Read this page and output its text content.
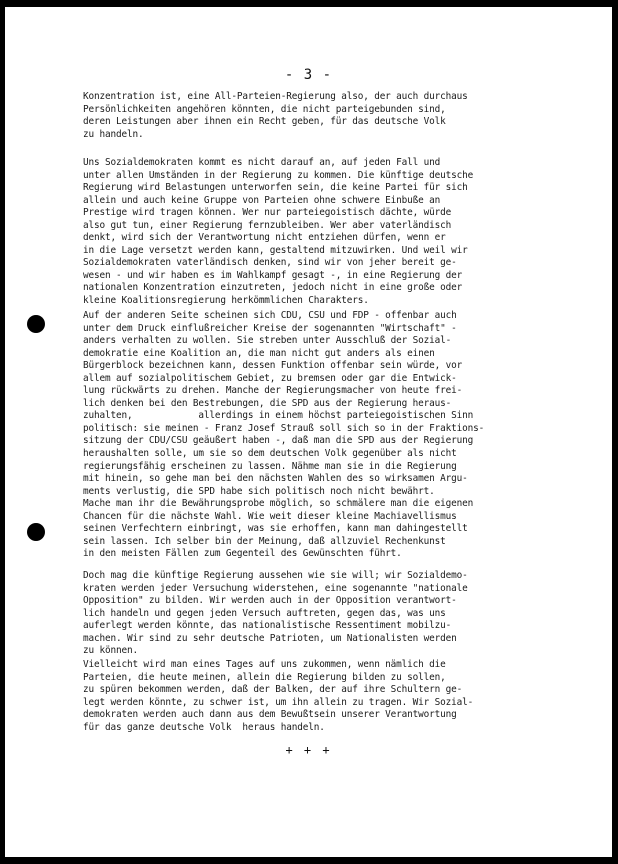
- 3 -

Konzentration ist, eine All-Parteien-Regierung also, der auch durchaus
Persönlichkeiten angehören könnten, die nicht parteigebunden sind,
deren Leistungen aber ihnen ein Recht geben, für das deutsche Volk
zu handeln.

Uns Sozialdemokraten kommt es nicht darauf an, auf jeden Fall und
unter allen Umständen in der Regierung zu kommen. Die künftige deutsche
Regierung wird Belastungen unterworfen sein, die keine Partei für sich
allein und auch keine Gruppe von Parteien ohne schwere Einbuße an
Prestige wird tragen können. Wer nur parteiegoistisch dächte, würde
also gut tun, einer Regierung fernzubleiben. Wer aber vaterländisch
denkt, wird sich der Verantwortung nicht entziehen dürfen, wenn er
in die Lage versetzt werden kann, gestaltend mitzuwirken. Und weil wir
Sozialdemokraten vaterländisch denken, sind wir von jeher bereit ge-
wesen - und wir haben es im Wahlkampf gesagt -, in eine Regierung der
nationalen Konzentration einzutreten, jedoch nicht in eine große oder
kleine Koalitionsregierung herkömmlichen Charakters.

Auf der anderen Seite scheinen sich CDU, CSU und FDP - offenbar auch
unter dem Druck einflußreicher Kreise der sogenannten "Wirtschaft" -
anders verhalten zu wollen. Sie streben unter Ausschluß der Sozial-
demokratie eine Koalition an, die man nicht gut anders als einen
Bürgerblock bezeichnen kann, dessen Funktion offenbar sein würde, vor
allem auf sozialpolitischem Gebiet, zu bremsen oder gar die Entwick-
lung rückwärts zu drehen. Manche der Regierungsmacher von heute frei-
lich denken bei den Bestrebungen, die SPD aus der Regierung heraus-
zuhalten,            allerdings in einem höchst parteiegoistischen Sinn
politisch: sie meinen - Franz Josef Strauß soll sich so in der Fraktions-
sitzung der CDU/CSU geäußert haben -, daß man die SPD aus der Regierung
heraushalten solle, um sie so dem deutschen Volk gegenüber als nicht
regierungsfähig erscheinen zu lassen. Nähme man sie in die Regierung
mit hinein, so gehe man bei den nächsten Wahlen des so wirksamen Argu-
ments verlustig, die SPD habe sich politisch noch nicht bewährt.
Mache man ihr die Bewährungsprobe möglich, so schmälere man die eigenen
Chancen für die nächste Wahl. Wie weit dieser kleine Machiavellismus
seinen Verfechtern einbringt, was sie erhoffen, kann man dahingestellt
sein lassen. Ich selber bin der Meinung, daß allzuviel Rechenkunst
in den meisten Fällen zum Gegenteil des Gewünschten führt.

Doch mag die künftige Regierung aussehen wie sie will; wir Sozialdemo-
kraten werden jeder Versuchung widerstehen, eine sogenannte "nationale
Opposition" zu bilden. Wir werden auch in der Opposition verantwort-
lich handeln und gegen jeden Versuch auftreten, gegen das, was uns
auferlegt werden könnte, das nationalistische Ressentiment mobilzu-
machen. Wir sind zu sehr deutsche Patrioten, um Nationalisten werden
zu können.

Vielleicht wird man eines Tages auf uns zukommen, wenn nämlich die
Parteien, die heute meinen, allein die Regierung bilden zu sollen,
zu spüren bekommen werden, daß der Balken, der auf ihre Schultern ge-
legt werden könnte, zu schwer ist, um ihn allein zu tragen. Wir Sozial-
demokraten werden auch dann aus dem Bewußtsein unserer Verantwortung
für das ganze deutsche Volk  heraus handeln.

+ + +
